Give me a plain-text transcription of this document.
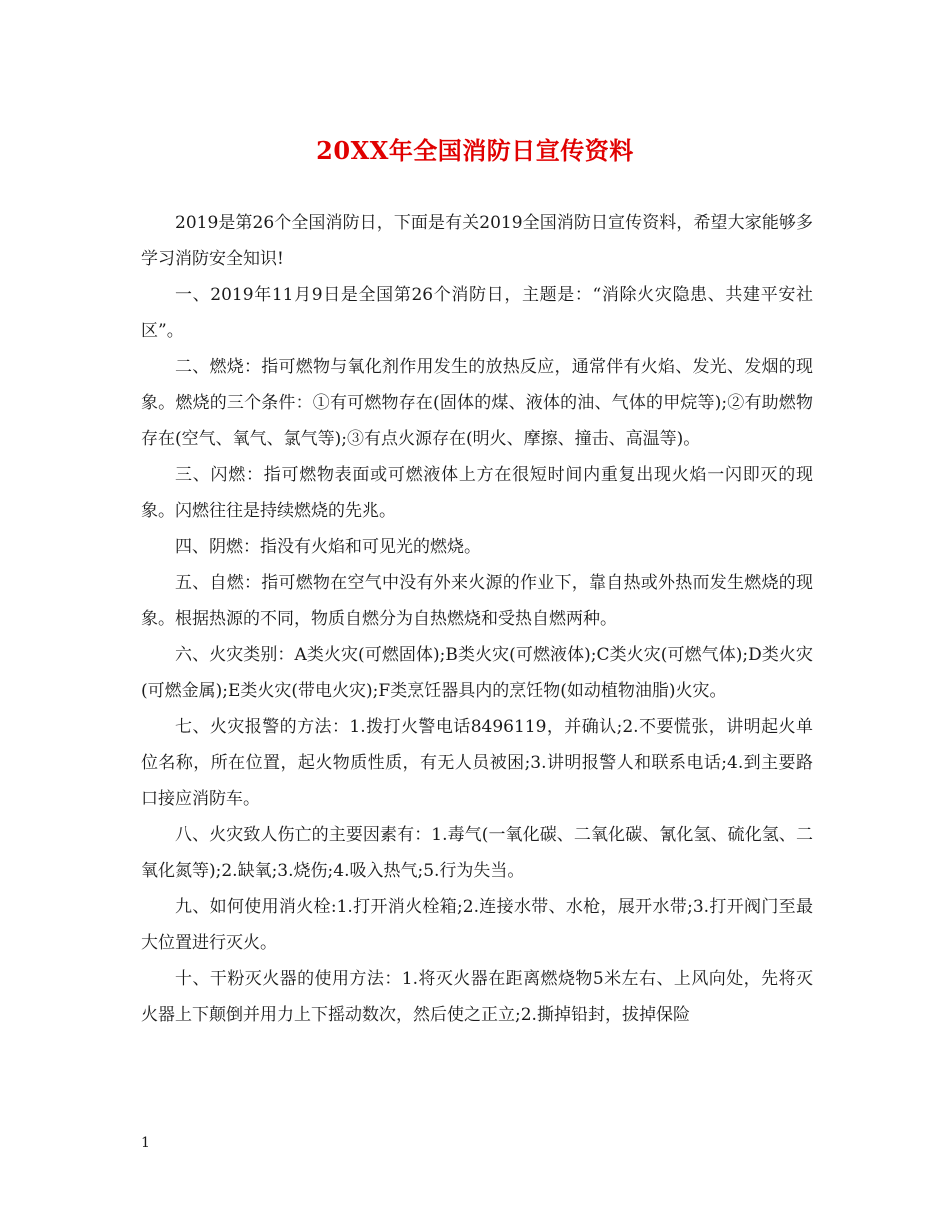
20XX年全国消防日宣传资料

2019是第26个全国消防日，下面是有关2019全国消防日宣传资料，希望大家能够多学习消防安全知识!

一、2019年11月9日是全国第26个消防日，主题是：“消除火灾隐患、共建平安社区”。

二、燃烧：指可燃物与氧化剂作用发生的放热反应，通常伴有火焰、发光、发烟的现象。燃烧的三个条件：①有可燃物存在(固体的煤、液体的油、气体的甲烷等);②有助燃物存在(空气、氧气、氯气等);③有点火源存在(明火、摩擦、撞击、高温等)。

三、闪燃：指可燃物表面或可燃液体上方在很短时间内重复出现火焰一闪即灭的现象。闪燃往往是持续燃烧的先兆。

四、阴燃：指没有火焰和可见光的燃烧。

五、自燃：指可燃物在空气中没有外来火源的作业下，靠自热或外热而发生燃烧的现象。根据热源的不同，物质自燃分为自热燃烧和受热自燃两种。

六、火灾类别：A类火灾(可燃固体);B类火灾(可燃液体);C类火灾(可燃气体);D类火灾(可燃金属);E类火灾(带电火灾);F类烹饪器具内的烹饪物(如动植物油脂)火灾。

七、火灾报警的方法：1.拨打火警电话8496119，并确认;2.不要慌张，讲明起火单位名称，所在位置，起火物质性质，有无人员被困;3.讲明报警人和联系电话;4.到主要路口接应消防车。

八、火灾致人伤亡的主要因素有：1.毒气(一氧化碳、二氧化碳、氰化氢、硫化氢、二氧化氮等);2.缺氧;3.烧伤;4.吸入热气;5.行为失当。

九、如何使用消火栓:1.打开消火栓箱;2.连接水带、水枪，展开水带;3.打开阀门至最大位置进行灭火。

十、干粉灭火器的使用方法：1.将灭火器在距离燃烧物5米左右、上风向处，先将灭火器上下颠倒并用力上下摇动数次，然后使之正立;2.撕掉铅封，拔掉保险

1
